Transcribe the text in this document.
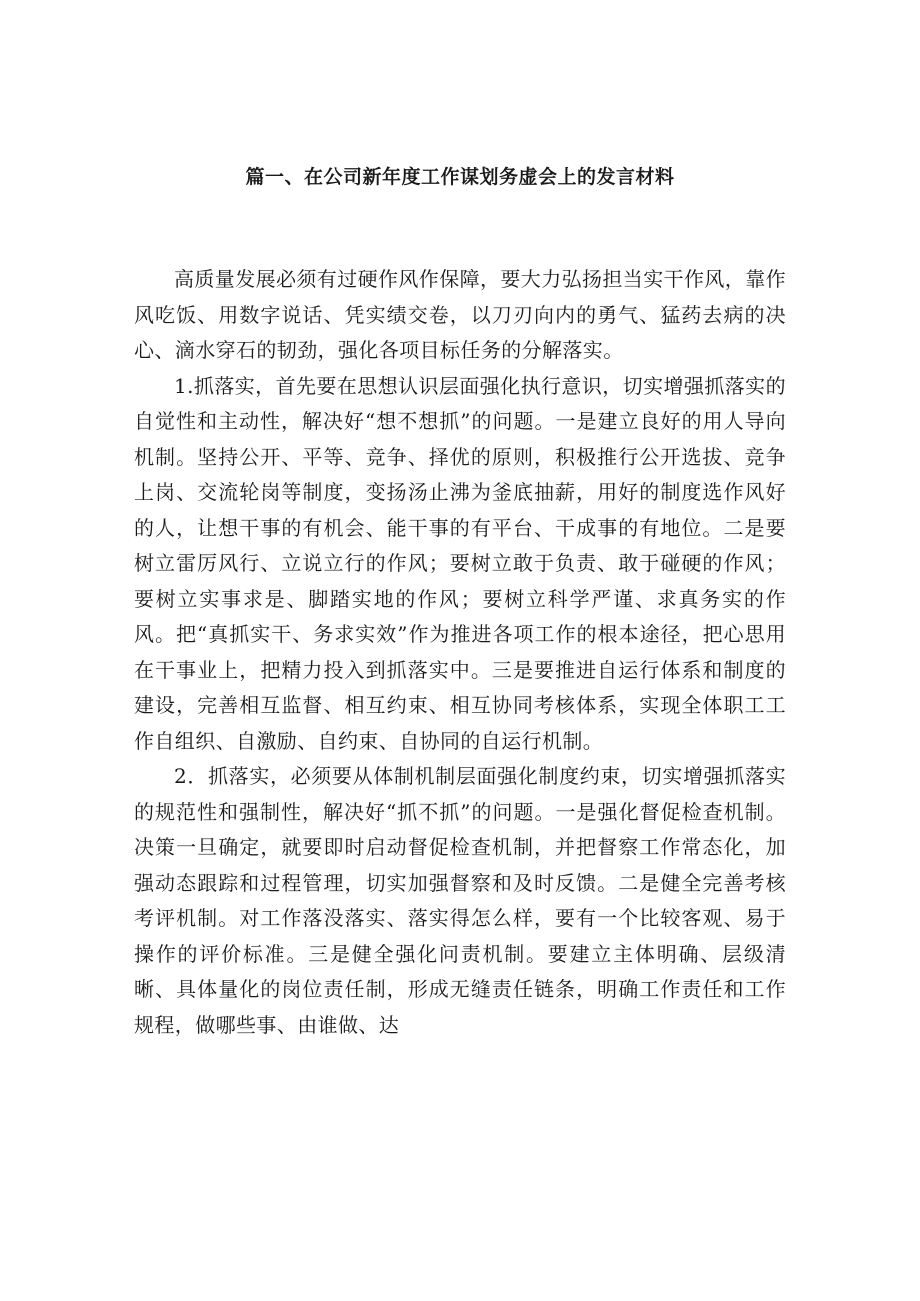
篇一、在公司新年度工作谋划务虚会上的发言材料

高质量发展必须有过硬作风作保障，要大力弘扬担当实干作风，靠作风吃饭、用数字说话、凭实绩交卷，以刀刃向内的勇气、猛药去病的决心、滴水穿石的韧劲，强化各项目标任务的分解落实。

1.抓落实，首先要在思想认识层面强化执行意识，切实增强抓落实的自觉性和主动性，解决好“想不想抓”的问题。一是建立良好的用人导向机制。坚持公开、平等、竞争、择优的原则，积极推行公开选拔、竞争上岗、交流轮岗等制度，变扬汤止沸为釜底抽薪，用好的制度选作风好的人，让想干事的有机会、能干事的有平台、干成事的有地位。二是要树立雷厉风行、立说立行的作风；要树立敢于负责、敢于碰硬的作风；要树立实事求是、脚踏实地的作风；要树立科学严谨、求真务实的作风。把“真抓实干、务求实效”作为推进各项工作的根本途径，把心思用在干事业上，把精力投入到抓落实中。三是要推进自运行体系和制度的建设，完善相互监督、相互约束、相互协同考核体系，实现全体职工工作自组织、自激励、自约束、自协同的自运行机制。

2．抓落实，必须要从体制机制层面强化制度约束，切实增强抓落实的规范性和强制性，解决好“抓不抓”的问题。一是强化督促检查机制。决策一旦确定，就要即时启动督促检查机制，并把督察工作常态化，加强动态跟踪和过程管理，切实加强督察和及时反馈。二是健全完善考核考评机制。对工作落没落实、落实得怎么样，要有一个比较客观、易于操作的评价标准。三是健全强化问责机制。要建立主体明确、层级清晰、具体量化的岗位责任制，形成无缝责任链条，明确工作责任和工作规程，做哪些事、由谁做、达
